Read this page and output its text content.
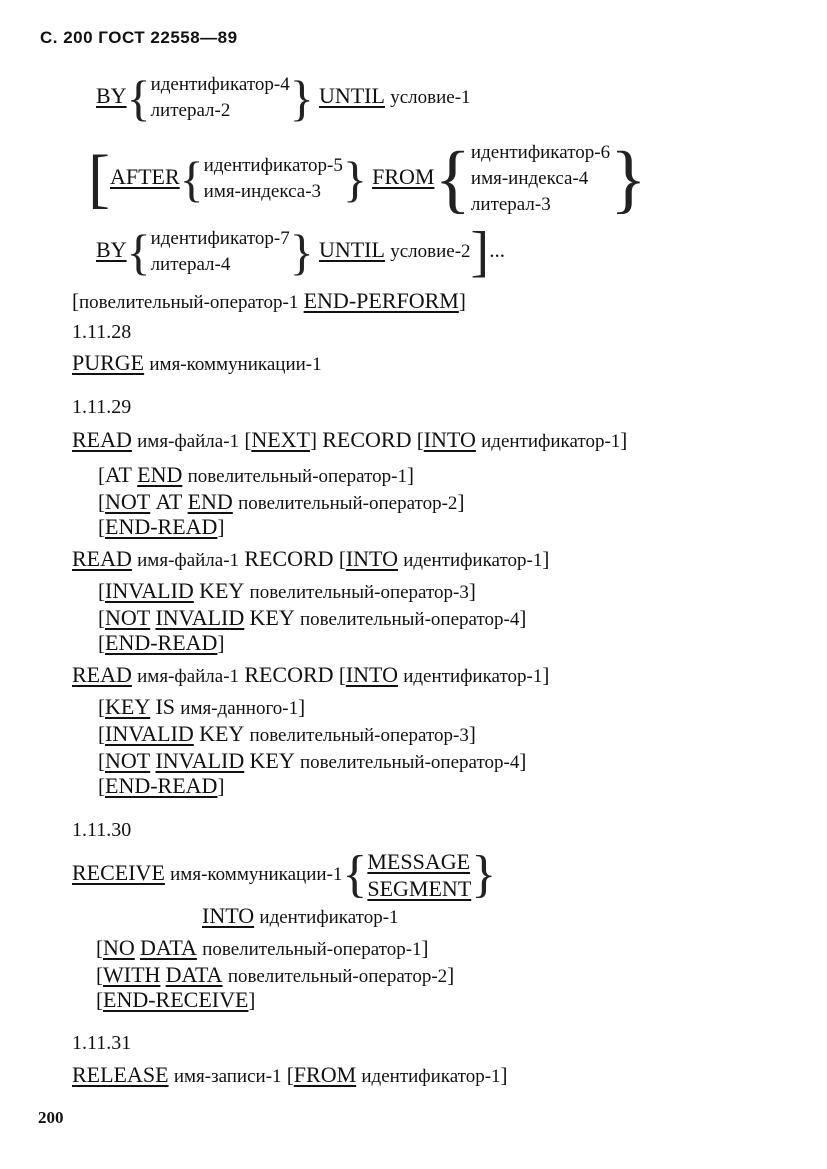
С. 200 ГОСТ 22558—89
BY{ идентификатор-4
литерал-2	} UNTIL условие-1
[AFTER{ идентификатор-5
имя-индекса-3 } FROM{ идентификатор-6
имя-индекса-4
литерал-3 }
BY{ идентификатор-7
литерал-4	} UNTIL условие-2]...
[повелительный-оператор-1 END-PERFORM]
1.11.28
PURGE имя-коммуникации-1
1.11.29
READ имя-файла-1 [NEXT] RECORD [INTO идентификатор-1]
[AT END повелительный-оператор-1]
[NOT AT END повелительный-оператор-2]
[END-READ]
READ имя-файла-1 RECORD [INTO идентификатор-1]
[INVALID KEY повелительный-оператор-3]
[NOT INVALID KEY повелительный-оператор-4]
[END-READ]
READ имя-файла-1 RECORD [INTO идентификатор-1]
[KEY IS имя-данного-1]
[INVALID KEY повелительный-оператор-3]
[NOT INVALID KEY повелительный-оператор-4]
[END-READ]
1.11.30
RECEIVE имя-коммуникации-1{ MESSAGE
SEGMENT }
INTO идентификатор-1
[NO DATA повелительный-оператор-1]
[WITH DATA повелительный-оператор-2]
[END-RECEIVE]
1.11.31
RELEASE имя-записи-1 [FROM идентификатор-1]
200
